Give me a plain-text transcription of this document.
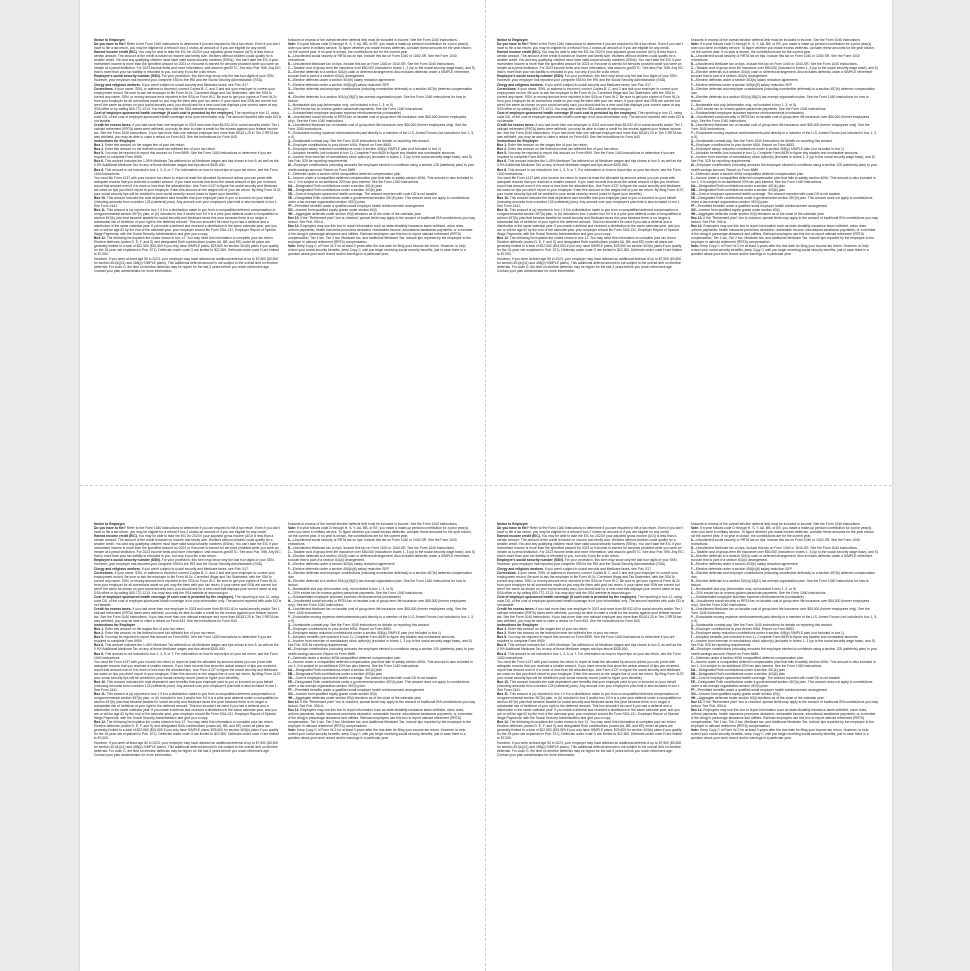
Notice to Employee

Do you have to file? Refer to the Form 1040 instructions to determine if you are required to file a tax return. Even if you don't have to file a tax return, you may be eligible for a refund if box 2 shows an amount or if you are eligible for any credit.

Earned income credit (EIC). You may be able to take the EIC for 2023 if your adjusted gross income (AGI) is less than a certain amount. The amount of the credit is based on income and family size. Workers without children could qualify for a smaller credit. You and any qualifying children must have valid social security numbers (SSNs). You can't take the EIC if your investment income is more than the specified amount for 2023 or if income is earned for services provided while you were an inmate at a penal institution. For 2023 income limits and more information, visit www.irs.gov/EITC. See also Pub. 596. Any EIC that is more than your tax liability is refunded to you, but only if you file a tax return.

Employee's social security number (SSN). For your protection, this form may show only the last four digits of your SSN. However, your employer has reported your complete SSN to the IRS and the Social Security Administration (SSA).

Clergy and religious workers. If you aren't subject to social security and Medicare taxes, see Pub. 517.

Corrections. If your name, SSN, or address is incorrect, correct Copies B, C, and 2 and ask your employer to correct your employment record. Be sure to ask the employer to file Form W-2c, Corrected Wage and Tax Statement, with the SSA to correct any name, SSN, or money amount error reported to the SSA on Form W-2. Be sure to get your copies of Form W-2c from your employer for all corrections made so you may file them with your tax return. If your name and SSN are correct but aren't the same as shown on your social security card, you should ask for a new card that displays your correct name at any SSA office or by calling 800-772-1213. You may also visit the SSA website at www.ssa.gov.

Cost of employer-sponsored health coverage (if such cost is provided by the employer). The reporting in box 12, using code DD, of the cost of employer-sponsored health coverage is for your information only. The amount reported with code DD is not taxable.

Credit for excess taxes. If you had more than one employer in 2023 and more than $9,932.40 in social security and/or Tier 1 railroad retirement (RRTA) taxes were withheld, you may be able to claim a credit for the excess against your federal income tax. See the Form 1040 instructions. If you had more than one railroad employer and more than $5,821.20 in Tier 2 RRTA tax was withheld, you may be able to claim a refund on Form 843. See the Instructions for Form 843.

Instructions for Employee

Box 1. Enter this amount on the wages line of your tax return.

Box 2. Enter this amount on the federal income tax withheld line of your tax return.

Box 5. You may be required to report this amount on Form 8959. See the Form 1040 instructions to determine if you are required to complete Form 8959.

Box 6. This amount includes the 1.45% Medicare Tax withheld on all Medicare wages and tips shown in box 5, as well as the 0.9% Additional Medicare Tax on any of those Medicare wages and tips above $200,000.

Box 8. This amount is not included in box 1, 3, 5, or 7. For information on how to report tips on your tax return, see the Form 1040 instructions.

You must file Form 4137 with your income tax return to report at least the allocated tip amount unless you can prove with adequate records that you received a smaller amount. If you have records that show the actual amount of tips you received, report that amount even if it is more or less than the allocated tips. Use Form 4137 to figure the social security and Medicare tax owed on tips you didn't report to your employer. Enter this amount on the wages line of your tax return. By filing Form 4137, your social security tips will be credited to your social security record (used to figure your benefits).

Box 10. This amount includes the total dependent care benefits that your employer paid to you or incurred on your behalf (including amounts from a section 125 (cafeteria) plan). Any amount over your employer's plan limit is also included in box 1. See Form 2441.

Box 11. This amount is (a) reported in box 1 if it is a distribution made to you from a nonqualified deferred compensation or nongovernmental section 457(b) plan, or (b) included in box 3 and/or box 5 if it is a prior year deferral under a nonqualified or section 457(b) plan that became taxable for social security and Medicare taxes this year because there is no longer a substantial risk of forfeiture of your right to the deferred amount. This box shouldn't be used if you had a deferral and a distribution in the same calendar year. If you made a deferral and received a distribution in the same calendar year, and you are or will be age 62 by the end of the calendar year, your employer should file Form SSA-131, Employer Report of Special Wage Payments, with the Social Security Administration and give you a copy.

Box 12. The following list explains the codes shown in box 12. You may need this information to complete your tax return. Elective deferrals (codes D, E, F, and S) and designated Roth contributions (codes AA, BB, and EE) under all plans are generally limited to a total of $22,500 ($15,500 if you only have SIMPLE plans; $25,500 for section 403(b) plans if you qualify for the 15-year rule explained in Pub. 571). Deferrals under code G are limited to $22,500. Deferrals under code H are limited to $7,000.

However, if you were at least age 50 in 2023, your employer may have allowed an additional deferral of up to $7,500 ($3,500 for section 401(k)(11) and 408(p) SIMPLE plans). This additional deferral amount is not subject to the overall limit on elective deferrals. For code G, the limit on elective deferrals may be higher for the last 3 years before you reach retirement age. Contact your plan administrator for more information.

Amounts in excess of the overall elective deferral limit must be included in income. See the Form 1040 instructions.

Note: If a year follows code D through H, S, Y, AA, BB, or EE, you made a make-up pension contribution for a prior year(s) when you were in military service. To figure whether you made excess deferrals, consider these amounts for the year shown, not the current year. If no year is shown, the contributions are for the current year.

A—Uncollected social security or RRTA tax on tips. Include this tax on Form 1040 or 1040-SR. See the Form 1040 instructions.

B—Uncollected Medicare tax on tips. Include this tax on Form 1040 or 1040-SR. See the Form 1040 instructions.

C—Taxable cost of group-term life insurance over $50,000 (included in boxes 1, 3 (up to the social security wage base), and 5)

D—Elective deferrals to a section 401(k) cash or deferred arrangement. Also includes deferrals under a SIMPLE retirement account that is part of a section 401(k) arrangement.

E—Elective deferrals under a section 403(b) salary reduction agreement

F—Elective deferrals under a section 408(k)(6) salary reduction SEP

G—Elective deferrals and employer contributions (including nonelective deferrals) to a section 457(b) deferred compensation plan

H—Elective deferrals to a section 501(c)(18)(D) tax-exempt organization plan. See the Form 1040 instructions for how to deduct.

J—Nontaxable sick pay (information only, not included in box 1, 3, or 5)

K—20% excise tax on excess golden parachute payments. See the Form 1040 instructions.

L—Substantiated employee business expense reimbursements (nontaxable)

M—Uncollected social security or RRTA tax on taxable cost of group-term life insurance over $50,000 (former employees only). See the Form 1040 instructions.

N—Uncollected Medicare tax on taxable cost of group-term life insurance over $50,000 (former employees only). See the Form 1040 instructions.

P—Excludable moving expense reimbursements paid directly to a member of the U.S. Armed Forces (not included in box 1, 3, or 5)

Q—Nontaxable combat pay. See the Form 1040 instructions for details on reporting this amount.

R—Employer contributions to your Archer MSA. Report on Form 8853.

S—Employee salary reduction contributions under a section 408(p) SIMPLE plan (not included in box 1)

T—Adoption benefits (not included in box 1). Complete Form 8839 to figure any taxable and nontaxable amounts.

V—Income from exercise of nonstatutory stock option(s) (included in boxes 1, 3 (up to the social security wage base), and 5). See Pub. 525 for reporting requirements.

W—Employer contributions (including amounts the employee elected to contribute using a section 125 (cafeteria) plan) to your health savings account. Report on Form 8889.

Y—Deferrals under a section 409A nonqualified deferred compensation plan

Z—Income under a nonqualified deferred compensation plan that fails to satisfy section 409A. This amount is also included in box 1. It is subject to an additional 20% tax plus interest. See the Form 1040 instructions.

AA—Designated Roth contributions under a section 401(k) plan

BB—Designated Roth contributions under a section 403(b) plan

DD—Cost of employer-sponsored health coverage. The amount reported with code DD is not taxable.

EE—Designated Roth contributions under a governmental section 457(b) plan. This amount does not apply to contributions under a tax-exempt organization section 457(b) plan.

FF—Permitted benefits under a qualified small employer health reimbursement arrangement

GG—Income from qualified equity grants under section 83(i)

HH—Aggregate deferrals under section 83(i) elections as of the close of the calendar year

Box 13. If the "Retirement plan" box is checked, special limits may apply to the amount of traditional IRA contributions you may deduct. See Pub. 590-A.

Box 14. Employers may use this box to report information such as state disability insurance taxes withheld, union dues, uniform payments, health insurance premiums deducted, nontaxable income, educational assistance payments, or a member of the clergy's parsonage allowance and utilities. Railroad employers use this box to report railroad retirement (RRTA) compensation, Tier 1 tax, Tier 2 tax, Medicare tax, and Additional Medicare Tax. Include tips reported by the employee to the employer in railroad retirement (RRTA) compensation.

Note: Keep Copy C of Form W-2 for at least 3 years after the due date for filing your income tax return. However, to help protect your social security benefits, keep Copy C until you begin receiving social security benefits, just in case there is a question about your work record and/or earnings in a particular year.

Notice to Employee

Do you have to file? Refer to the Form 1040 instructions to determine if you are required to file a tax return. Even if you don't have to file a tax return, you may be eligible for a refund if box 2 shows an amount or if you are eligible for any credit.

Earned income credit (EIC). You may be able to take the EIC for 2023 if your adjusted gross income (AGI) is less than a certain amount. The amount of the credit is based on income and family size. Workers without children could qualify for a smaller credit. You and any qualifying children must have valid social security numbers (SSNs). You can't take the EIC if your investment income is more than the specified amount for 2023 or if income is earned for services provided while you were an inmate at a penal institution. For 2023 income limits and more information, visit www.irs.gov/EITC. See also Pub. 596. Any EIC that is more than your tax liability is refunded to you, but only if you file a tax return.

Employee's social security number (SSN). For your protection, this form may show only the last four digits of your SSN. However, your employer has reported your complete SSN to the IRS and the Social Security Administration (SSA).

Clergy and religious workers. If you aren't subject to social security and Medicare taxes, see Pub. 517.

Corrections. If your name, SSN, or address is incorrect, correct Copies B, C, and 2 and ask your employer to correct your employment record. Be sure to ask the employer to file Form W-2c, Corrected Wage and Tax Statement, with the SSA to correct any name, SSN, or money amount error reported to the SSA on Form W-2. Be sure to get your copies of Form W-2c from your employer for all corrections made so you may file them with your tax return. If your name and SSN are correct but aren't the same as shown on your social security card, you should ask for a new card that displays your correct name at any SSA office or by calling 800-772-1213. You may also visit the SSA website at www.ssa.gov.

Cost of employer-sponsored health coverage (if such cost is provided by the employer). The reporting in box 12, using code DD, of the cost of employer-sponsored health coverage is for your information only. The amount reported with code DD is not taxable.

Credit for excess taxes. If you had more than one employer in 2023 and more than $9,932.40 in social security and/or Tier 1 railroad retirement (RRTA) taxes were withheld, you may be able to claim a credit for the excess against your federal income tax. See the Form 1040 instructions. If you had more than one railroad employer and more than $5,821.20 in Tier 2 RRTA tax was withheld, you may be able to claim a refund on Form 843. See the Instructions for Form 843.

Instructions for Employee

Box 1. Enter this amount on the wages line of your tax return.

Box 2. Enter this amount on the federal income tax withheld line of your tax return.

Box 5. You may be required to report this amount on Form 8959. See the Form 1040 instructions to determine if you are required to complete Form 8959.

Box 6. This amount includes the 1.45% Medicare Tax withheld on all Medicare wages and tips shown in box 5, as well as the 0.9% Additional Medicare Tax on any of those Medicare wages and tips above $200,000.

Box 8. This amount is not included in box 1, 3, 5, or 7. For information on how to report tips on your tax return, see the Form 1040 instructions.

You must file Form 4137 with your income tax return to report at least the allocated tip amount unless you can prove with adequate records that you received a smaller amount. If you have records that show the actual amount of tips you received, report that amount even if it is more or less than the allocated tips. Use Form 4137 to figure the social security and Medicare tax owed on tips you didn't report to your employer. Enter this amount on the wages line of your tax return. By filing Form 4137, your social security tips will be credited to your social security record (used to figure your benefits).

Box 10. This amount includes the total dependent care benefits that your employer paid to you or incurred on your behalf (including amounts from a section 125 (cafeteria) plan). Any amount over your employer's plan limit is also included in box 1. See Form 2441.

Box 11. This amount is (a) reported in box 1 if it is a distribution made to you from a nonqualified deferred compensation or nongovernmental section 457(b) plan, or (b) included in box 3 and/or box 5 if it is a prior year deferral under a nonqualified or section 457(b) plan that became taxable for social security and Medicare taxes this year because there is no longer a substantial risk of forfeiture of your right to the deferred amount. This box shouldn't be used if you had a deferral and a distribution in the same calendar year. If you made a deferral and received a distribution in the same calendar year, and you are or will be age 62 by the end of the calendar year, your employer should file Form SSA-131, Employer Report of Special Wage Payments, with the Social Security Administration and give you a copy.

Box 12. The following list explains the codes shown in box 12. You may need this information to complete your tax return. Elective deferrals (codes D, E, F, and S) and designated Roth contributions (codes AA, BB, and EE) under all plans are generally limited to a total of $22,500 ($15,500 if you only have SIMPLE plans; $25,500 for section 403(b) plans if you qualify for the 15-year rule explained in Pub. 571). Deferrals under code G are limited to $22,500. Deferrals under code H are limited to $7,000.

However, if you were at least age 50 in 2023, your employer may have allowed an additional deferral of up to $7,500 ($3,500 for section 401(k)(11) and 408(p) SIMPLE plans). This additional deferral amount is not subject to the overall limit on elective deferrals. For code G, the limit on elective deferrals may be higher for the last 3 years before you reach retirement age. Contact your plan administrator for more information.

Amounts in excess of the overall elective deferral limit must be included in income. See the Form 1040 instructions.

Note: If a year follows code D through H, S, Y, AA, BB, or EE, you made a make-up pension contribution for a prior year(s) when you were in military service. To figure whether you made excess deferrals, consider these amounts for the year shown, not the current year. If no year is shown, the contributions are for the current year.

A—Uncollected social security or RRTA tax on tips. Include this tax on Form 1040 or 1040-SR. See the Form 1040 instructions.

B—Uncollected Medicare tax on tips. Include this tax on Form 1040 or 1040-SR. See the Form 1040 instructions.

C—Taxable cost of group-term life insurance over $50,000 (included in boxes 1, 3 (up to the social security wage base), and 5)

D—Elective deferrals to a section 401(k) cash or deferred arrangement. Also includes deferrals under a SIMPLE retirement account that is part of a section 401(k) arrangement.

E—Elective deferrals under a section 403(b) salary reduction agreement

F—Elective deferrals under a section 408(k)(6) salary reduction SEP

G—Elective deferrals and employer contributions (including nonelective deferrals) to a section 457(b) deferred compensation plan

H—Elective deferrals to a section 501(c)(18)(D) tax-exempt organization plan. See the Form 1040 instructions for how to deduct.

J—Nontaxable sick pay (information only, not included in box 1, 3, or 5)

K—20% excise tax on excess golden parachute payments. See the Form 1040 instructions.

L—Substantiated employee business expense reimbursements (nontaxable)

M—Uncollected social security or RRTA tax on taxable cost of group-term life insurance over $50,000 (former employees only). See the Form 1040 instructions.

N—Uncollected Medicare tax on taxable cost of group-term life insurance over $50,000 (former employees only). See the Form 1040 instructions.

P—Excludable moving expense reimbursements paid directly to a member of the U.S. Armed Forces (not included in box 1, 3, or 5)

Q—Nontaxable combat pay. See the Form 1040 instructions for details on reporting this amount.

R—Employer contributions to your Archer MSA. Report on Form 8853.

S—Employee salary reduction contributions under a section 408(p) SIMPLE plan (not included in box 1)

T—Adoption benefits (not included in box 1). Complete Form 8839 to figure any taxable and nontaxable amounts.

V—Income from exercise of nonstatutory stock option(s) (included in boxes 1, 3 (up to the social security wage base), and 5). See Pub. 525 for reporting requirements.

W—Employer contributions (including amounts the employee elected to contribute using a section 125 (cafeteria) plan) to your health savings account. Report on Form 8889.

Y—Deferrals under a section 409A nonqualified deferred compensation plan

Z—Income under a nonqualified deferred compensation plan that fails to satisfy section 409A. This amount is also included in box 1. It is subject to an additional 20% tax plus interest. See the Form 1040 instructions.

AA—Designated Roth contributions under a section 401(k) plan

BB—Designated Roth contributions under a section 403(b) plan

DD—Cost of employer-sponsored health coverage. The amount reported with code DD is not taxable.

EE—Designated Roth contributions under a governmental section 457(b) plan. This amount does not apply to contributions under a tax-exempt organization section 457(b) plan.

FF—Permitted benefits under a qualified small employer health reimbursement arrangement

GG—Income from qualified equity grants under section 83(i)

HH—Aggregate deferrals under section 83(i) elections as of the close of the calendar year

Box 13. If the "Retirement plan" box is checked, special limits may apply to the amount of traditional IRA contributions you may deduct. See Pub. 590-A.

Box 14. Employers may use this box to report information such as state disability insurance taxes withheld, union dues, uniform payments, health insurance premiums deducted, nontaxable income, educational assistance payments, or a member of the clergy's parsonage allowance and utilities. Railroad employers use this box to report railroad retirement (RRTA) compensation, Tier 1 tax, Tier 2 tax, Medicare tax, and Additional Medicare Tax. Include tips reported by the employee to the employer in railroad retirement (RRTA) compensation.

Note: Keep Copy C of Form W-2 for at least 3 years after the due date for filing your income tax return. However, to help protect your social security benefits, keep Copy C until you begin receiving social security benefits, just in case there is a question about your work record and/or earnings in a particular year.

Notice to Employee

Do you have to file? Refer to the Form 1040 instructions to determine if you are required to file a tax return. Even if you don't have to file a tax return, you may be eligible for a refund if box 2 shows an amount or if you are eligible for any credit.

Earned income credit (EIC). You may be able to take the EIC for 2023 if your adjusted gross income (AGI) is less than a certain amount. The amount of the credit is based on income and family size. Workers without children could qualify for a smaller credit. You and any qualifying children must have valid social security numbers (SSNs). You can't take the EIC if your investment income is more than the specified amount for 2023 or if income is earned for services provided while you were an inmate at a penal institution. For 2023 income limits and more information, visit www.irs.gov/EITC. See also Pub. 596. Any EIC that is more than your tax liability is refunded to you, but only if you file a tax return.

Employee's social security number (SSN). For your protection, this form may show only the last four digits of your SSN. However, your employer has reported your complete SSN to the IRS and the Social Security Administration (SSA).

Clergy and religious workers. If you aren't subject to social security and Medicare taxes, see Pub. 517.

Corrections. If your name, SSN, or address is incorrect, correct Copies B, C, and 2 and ask your employer to correct your employment record. Be sure to ask the employer to file Form W-2c, Corrected Wage and Tax Statement, with the SSA to correct any name, SSN, or money amount error reported to the SSA on Form W-2. Be sure to get your copies of Form W-2c from your employer for all corrections made so you may file them with your tax return. If your name and SSN are correct but aren't the same as shown on your social security card, you should ask for a new card that displays your correct name at any SSA office or by calling 800-772-1213. You may also visit the SSA website at www.ssa.gov.

Cost of employer-sponsored health coverage (if such cost is provided by the employer). The reporting in box 12, using code DD, of the cost of employer-sponsored health coverage is for your information only. The amount reported with code DD is not taxable.

Credit for excess taxes. If you had more than one employer in 2023 and more than $9,932.40 in social security and/or Tier 1 railroad retirement (RRTA) taxes were withheld, you may be able to claim a credit for the excess against your federal income tax. See the Form 1040 instructions. If you had more than one railroad employer and more than $5,821.20 in Tier 2 RRTA tax was withheld, you may be able to claim a refund on Form 843. See the Instructions for Form 843.

Instructions for Employee

Box 1. Enter this amount on the wages line of your tax return.

Box 2. Enter this amount on the federal income tax withheld line of your tax return.

Box 5. You may be required to report this amount on Form 8959. See the Form 1040 instructions to determine if you are required to complete Form 8959.

Box 6. This amount includes the 1.45% Medicare Tax withheld on all Medicare wages and tips shown in box 5, as well as the 0.9% Additional Medicare Tax on any of those Medicare wages and tips above $200,000.

Box 8. This amount is not included in box 1, 3, 5, or 7. For information on how to report tips on your tax return, see the Form 1040 instructions.

You must file Form 4137 with your income tax return to report at least the allocated tip amount unless you can prove with adequate records that you received a smaller amount. If you have records that show the actual amount of tips you received, report that amount even if it is more or less than the allocated tips. Use Form 4137 to figure the social security and Medicare tax owed on tips you didn't report to your employer. Enter this amount on the wages line of your tax return. By filing Form 4137, your social security tips will be credited to your social security record (used to figure your benefits).

Box 10. This amount includes the total dependent care benefits that your employer paid to you or incurred on your behalf (including amounts from a section 125 (cafeteria) plan). Any amount over your employer's plan limit is also included in box 1. See Form 2441.

Box 11. This amount is (a) reported in box 1 if it is a distribution made to you from a nonqualified deferred compensation or nongovernmental section 457(b) plan, or (b) included in box 3 and/or box 5 if it is a prior year deferral under a nonqualified or section 457(b) plan that became taxable for social security and Medicare taxes this year because there is no longer a substantial risk of forfeiture of your right to the deferred amount. This box shouldn't be used if you had a deferral and a distribution in the same calendar year. If you made a deferral and received a distribution in the same calendar year, and you are or will be age 62 by the end of the calendar year, your employer should file Form SSA-131, Employer Report of Special Wage Payments, with the Social Security Administration and give you a copy.

Box 12. The following list explains the codes shown in box 12. You may need this information to complete your tax return. Elective deferrals (codes D, E, F, and S) and designated Roth contributions (codes AA, BB, and EE) under all plans are generally limited to a total of $22,500 ($15,500 if you only have SIMPLE plans; $25,500 for section 403(b) plans if you qualify for the 15-year rule explained in Pub. 571). Deferrals under code G are limited to $22,500. Deferrals under code H are limited to $7,000.

However, if you were at least age 50 in 2023, your employer may have allowed an additional deferral of up to $7,500 ($3,500 for section 401(k)(11) and 408(p) SIMPLE plans). This additional deferral amount is not subject to the overall limit on elective deferrals. For code G, the limit on elective deferrals may be higher for the last 3 years before you reach retirement age. Contact your plan administrator for more information.

Amounts in excess of the overall elective deferral limit must be included in income. See the Form 1040 instructions.

Note: If a year follows code D through H, S, Y, AA, BB, or EE, you made a make-up pension contribution for a prior year(s) when you were in military service. To figure whether you made excess deferrals, consider these amounts for the year shown, not the current year. If no year is shown, the contributions are for the current year.

A—Uncollected social security or RRTA tax on tips. Include this tax on Form 1040 or 1040-SR. See the Form 1040 instructions.

B—Uncollected Medicare tax on tips. Include this tax on Form 1040 or 1040-SR. See the Form 1040 instructions.

C—Taxable cost of group-term life insurance over $50,000 (included in boxes 1, 3 (up to the social security wage base), and 5)

D—Elective deferrals to a section 401(k) cash or deferred arrangement. Also includes deferrals under a SIMPLE retirement account that is part of a section 401(k) arrangement.

E—Elective deferrals under a section 403(b) salary reduction agreement

F—Elective deferrals under a section 408(k)(6) salary reduction SEP

G—Elective deferrals and employer contributions (including nonelective deferrals) to a section 457(b) deferred compensation plan

H—Elective deferrals to a section 501(c)(18)(D) tax-exempt organization plan. See the Form 1040 instructions for how to deduct.

J—Nontaxable sick pay (information only, not included in box 1, 3, or 5)

K—20% excise tax on excess golden parachute payments. See the Form 1040 instructions.

L—Substantiated employee business expense reimbursements (nontaxable)

M—Uncollected social security or RRTA tax on taxable cost of group-term life insurance over $50,000 (former employees only). See the Form 1040 instructions.

N—Uncollected Medicare tax on taxable cost of group-term life insurance over $50,000 (former employees only). See the Form 1040 instructions.

P—Excludable moving expense reimbursements paid directly to a member of the U.S. Armed Forces (not included in box 1, 3, or 5)

Q—Nontaxable combat pay. See the Form 1040 instructions for details on reporting this amount.

R—Employer contributions to your Archer MSA. Report on Form 8853.

S—Employee salary reduction contributions under a section 408(p) SIMPLE plan (not included in box 1)

T—Adoption benefits (not included in box 1). Complete Form 8839 to figure any taxable and nontaxable amounts.

V—Income from exercise of nonstatutory stock option(s) (included in boxes 1, 3 (up to the social security wage base), and 5). See Pub. 525 for reporting requirements.

W—Employer contributions (including amounts the employee elected to contribute using a section 125 (cafeteria) plan) to your health savings account. Report on Form 8889.

Y—Deferrals under a section 409A nonqualified deferred compensation plan

Z—Income under a nonqualified deferred compensation plan that fails to satisfy section 409A. This amount is also included in box 1. It is subject to an additional 20% tax plus interest. See the Form 1040 instructions.

AA—Designated Roth contributions under a section 401(k) plan

BB—Designated Roth contributions under a section 403(b) plan

DD—Cost of employer-sponsored health coverage. The amount reported with code DD is not taxable.

EE—Designated Roth contributions under a governmental section 457(b) plan. This amount does not apply to contributions under a tax-exempt organization section 457(b) plan.

FF—Permitted benefits under a qualified small employer health reimbursement arrangement

GG—Income from qualified equity grants under section 83(i)

HH—Aggregate deferrals under section 83(i) elections as of the close of the calendar year

Box 13. If the "Retirement plan" box is checked, special limits may apply to the amount of traditional IRA contributions you may deduct. See Pub. 590-A.

Box 14. Employers may use this box to report information such as state disability insurance taxes withheld, union dues, uniform payments, health insurance premiums deducted, nontaxable income, educational assistance payments, or a member of the clergy's parsonage allowance and utilities. Railroad employers use this box to report railroad retirement (RRTA) compensation, Tier 1 tax, Tier 2 tax, Medicare tax, and Additional Medicare Tax. Include tips reported by the employee to the employer in railroad retirement (RRTA) compensation.

Note: Keep Copy C of Form W-2 for at least 3 years after the due date for filing your income tax return. However, to help protect your social security benefits, keep Copy C until you begin receiving social security benefits, just in case there is a question about your work record and/or earnings in a particular year.

Notice to Employee

Do you have to file? Refer to the Form 1040 instructions to determine if you are required to file a tax return. Even if you don't have to file a tax return, you may be eligible for a refund if box 2 shows an amount or if you are eligible for any credit.

Earned income credit (EIC). You may be able to take the EIC for 2023 if your adjusted gross income (AGI) is less than a certain amount. The amount of the credit is based on income and family size. Workers without children could qualify for a smaller credit. You and any qualifying children must have valid social security numbers (SSNs). You can't take the EIC if your investment income is more than the specified amount for 2023 or if income is earned for services provided while you were an inmate at a penal institution. For 2023 income limits and more information, visit www.irs.gov/EITC. See also Pub. 596. Any EIC that is more than your tax liability is refunded to you, but only if you file a tax return.

Employee's social security number (SSN). For your protection, this form may show only the last four digits of your SSN. However, your employer has reported your complete SSN to the IRS and the Social Security Administration (SSA).

Clergy and religious workers. If you aren't subject to social security and Medicare taxes, see Pub. 517.

Corrections. If your name, SSN, or address is incorrect, correct Copies B, C, and 2 and ask your employer to correct your employment record. Be sure to ask the employer to file Form W-2c, Corrected Wage and Tax Statement, with the SSA to correct any name, SSN, or money amount error reported to the SSA on Form W-2. Be sure to get your copies of Form W-2c from your employer for all corrections made so you may file them with your tax return. If your name and SSN are correct but aren't the same as shown on your social security card, you should ask for a new card that displays your correct name at any SSA office or by calling 800-772-1213. You may also visit the SSA website at www.ssa.gov.

Cost of employer-sponsored health coverage (if such cost is provided by the employer). The reporting in box 12, using code DD, of the cost of employer-sponsored health coverage is for your information only. The amount reported with code DD is not taxable.

Credit for excess taxes. If you had more than one employer in 2023 and more than $9,932.40 in social security and/or Tier 1 railroad retirement (RRTA) taxes were withheld, you may be able to claim a credit for the excess against your federal income tax. See the Form 1040 instructions. If you had more than one railroad employer and more than $5,821.20 in Tier 2 RRTA tax was withheld, you may be able to claim a refund on Form 843. See the Instructions for Form 843.

Instructions for Employee

Box 1. Enter this amount on the wages line of your tax return.

Box 2. Enter this amount on the federal income tax withheld line of your tax return.

Box 5. You may be required to report this amount on Form 8959. See the Form 1040 instructions to determine if you are required to complete Form 8959.

Box 6. This amount includes the 1.45% Medicare Tax withheld on all Medicare wages and tips shown in box 5, as well as the 0.9% Additional Medicare Tax on any of those Medicare wages and tips above $200,000.

Box 8. This amount is not included in box 1, 3, 5, or 7. For information on how to report tips on your tax return, see the Form 1040 instructions.

You must file Form 4137 with your income tax return to report at least the allocated tip amount unless you can prove with adequate records that you received a smaller amount. If you have records that show the actual amount of tips you received, report that amount even if it is more or less than the allocated tips. Use Form 4137 to figure the social security and Medicare tax owed on tips you didn't report to your employer. Enter this amount on the wages line of your tax return. By filing Form 4137, your social security tips will be credited to your social security record (used to figure your benefits).

Box 10. This amount includes the total dependent care benefits that your employer paid to you or incurred on your behalf (including amounts from a section 125 (cafeteria) plan). Any amount over your employer's plan limit is also included in box 1. See Form 2441.

Box 11. This amount is (a) reported in box 1 if it is a distribution made to you from a nonqualified deferred compensation or nongovernmental section 457(b) plan, or (b) included in box 3 and/or box 5 if it is a prior year deferral under a nonqualified or section 457(b) plan that became taxable for social security and Medicare taxes this year because there is no longer a substantial risk of forfeiture of your right to the deferred amount. This box shouldn't be used if you had a deferral and a distribution in the same calendar year. If you made a deferral and received a distribution in the same calendar year, and you are or will be age 62 by the end of the calendar year, your employer should file Form SSA-131, Employer Report of Special Wage Payments, with the Social Security Administration and give you a copy.

Box 12. The following list explains the codes shown in box 12. You may need this information to complete your tax return. Elective deferrals (codes D, E, F, and S) and designated Roth contributions (codes AA, BB, and EE) under all plans are generally limited to a total of $22,500 ($15,500 if you only have SIMPLE plans; $25,500 for section 403(b) plans if you qualify for the 15-year rule explained in Pub. 571). Deferrals under code G are limited to $22,500. Deferrals under code H are limited to $7,000.

However, if you were at least age 50 in 2023, your employer may have allowed an additional deferral of up to $7,500 ($3,500 for section 401(k)(11) and 408(p) SIMPLE plans). This additional deferral amount is not subject to the overall limit on elective deferrals. For code G, the limit on elective deferrals may be higher for the last 3 years before you reach retirement age. Contact your plan administrator for more information.

Amounts in excess of the overall elective deferral limit must be included in income. See the Form 1040 instructions.

Note: If a year follows code D through H, S, Y, AA, BB, or EE, you made a make-up pension contribution for a prior year(s) when you were in military service. To figure whether you made excess deferrals, consider these amounts for the year shown, not the current year. If no year is shown, the contributions are for the current year.

A—Uncollected social security or RRTA tax on tips. Include this tax on Form 1040 or 1040-SR. See the Form 1040 instructions.

B—Uncollected Medicare tax on tips. Include this tax on Form 1040 or 1040-SR. See the Form 1040 instructions.

C—Taxable cost of group-term life insurance over $50,000 (included in boxes 1, 3 (up to the social security wage base), and 5)

D—Elective deferrals to a section 401(k) cash or deferred arrangement. Also includes deferrals under a SIMPLE retirement account that is part of a section 401(k) arrangement.

E—Elective deferrals under a section 403(b) salary reduction agreement

F—Elective deferrals under a section 408(k)(6) salary reduction SEP

G—Elective deferrals and employer contributions (including nonelective deferrals) to a section 457(b) deferred compensation plan

H—Elective deferrals to a section 501(c)(18)(D) tax-exempt organization plan. See the Form 1040 instructions for how to deduct.

J—Nontaxable sick pay (information only, not included in box 1, 3, or 5)

K—20% excise tax on excess golden parachute payments. See the Form 1040 instructions.

L—Substantiated employee business expense reimbursements (nontaxable)

M—Uncollected social security or RRTA tax on taxable cost of group-term life insurance over $50,000 (former employees only). See the Form 1040 instructions.

N—Uncollected Medicare tax on taxable cost of group-term life insurance over $50,000 (former employees only). See the Form 1040 instructions.

P—Excludable moving expense reimbursements paid directly to a member of the U.S. Armed Forces (not included in box 1, 3, or 5)

Q—Nontaxable combat pay. See the Form 1040 instructions for details on reporting this amount.

R—Employer contributions to your Archer MSA. Report on Form 8853.

S—Employee salary reduction contributions under a section 408(p) SIMPLE plan (not included in box 1)

T—Adoption benefits (not included in box 1). Complete Form 8839 to figure any taxable and nontaxable amounts.

V—Income from exercise of nonstatutory stock option(s) (included in boxes 1, 3 (up to the social security wage base), and 5). See Pub. 525 for reporting requirements.

W—Employer contributions (including amounts the employee elected to contribute using a section 125 (cafeteria) plan) to your health savings account. Report on Form 8889.

Y—Deferrals under a section 409A nonqualified deferred compensation plan

Z—Income under a nonqualified deferred compensation plan that fails to satisfy section 409A. This amount is also included in box 1. It is subject to an additional 20% tax plus interest. See the Form 1040 instructions.

AA—Designated Roth contributions under a section 401(k) plan

BB—Designated Roth contributions under a section 403(b) plan

DD—Cost of employer-sponsored health coverage. The amount reported with code DD is not taxable.

EE—Designated Roth contributions under a governmental section 457(b) plan. This amount does not apply to contributions under a tax-exempt organization section 457(b) plan.

FF—Permitted benefits under a qualified small employer health reimbursement arrangement

GG—Income from qualified equity grants under section 83(i)

HH—Aggregate deferrals under section 83(i) elections as of the close of the calendar year

Box 13. If the "Retirement plan" box is checked, special limits may apply to the amount of traditional IRA contributions you may deduct. See Pub. 590-A.

Box 14. Employers may use this box to report information such as state disability insurance taxes withheld, union dues, uniform payments, health insurance premiums deducted, nontaxable income, educational assistance payments, or a member of the clergy's parsonage allowance and utilities. Railroad employers use this box to report railroad retirement (RRTA) compensation, Tier 1 tax, Tier 2 tax, Medicare tax, and Additional Medicare Tax. Include tips reported by the employee to the employer in railroad retirement (RRTA) compensation.

Note: Keep Copy C of Form W-2 for at least 3 years after the due date for filing your income tax return. However, to help protect your social security benefits, keep Copy C until you begin receiving social security benefits, just in case there is a question about your work record and/or earnings in a particular year.
